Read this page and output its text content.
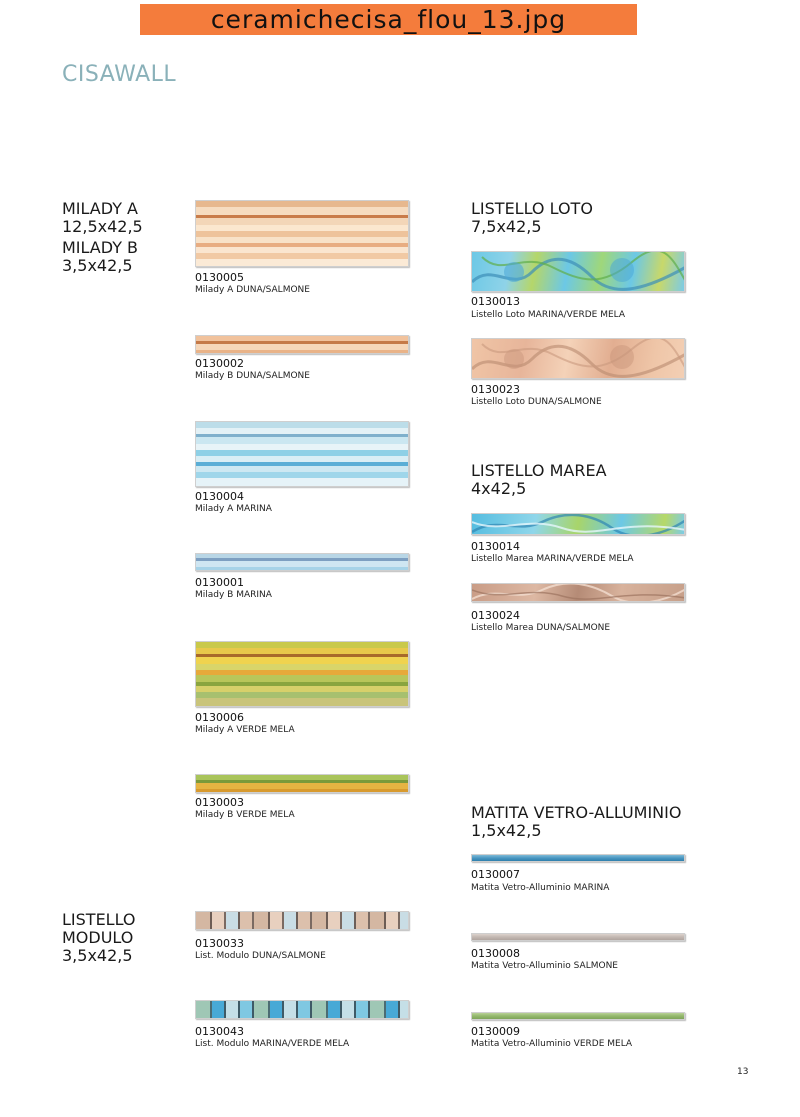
ceramichecisa_flou_13.jpg
CISAWALL
MILADY A
12,5x42,5
MILADY B
3,5x42,5
LISTELLO
MODULO
3,5x42,5
LISTELLO LOTO
7,5x42,5
LISTELLO MAREA
4x42,5
MATITA VETRO-ALLUMINIO
1,5x42,5
0130005
Milady A DUNA/SALMONE
0130002
Milady B DUNA/SALMONE
0130004
Milady A MARINA
0130001
Milady B MARINA
0130006
Milady A VERDE MELA
0130003
Milady B VERDE MELA
0130033
List. Modulo DUNA/SALMONE
0130043
List. Modulo MARINA/VERDE MELA
0130013
Listello Loto MARINA/VERDE MELA
0130023
Listello Loto DUNA/SALMONE
0130014
Listello Marea MARINA/VERDE MELA
0130024
Listello Marea DUNA/SALMONE
0130007
Matita Vetro-Alluminio MARINA
0130008
Matita Vetro-Alluminio SALMONE
0130009
Matita Vetro-Alluminio VERDE MELA
13
